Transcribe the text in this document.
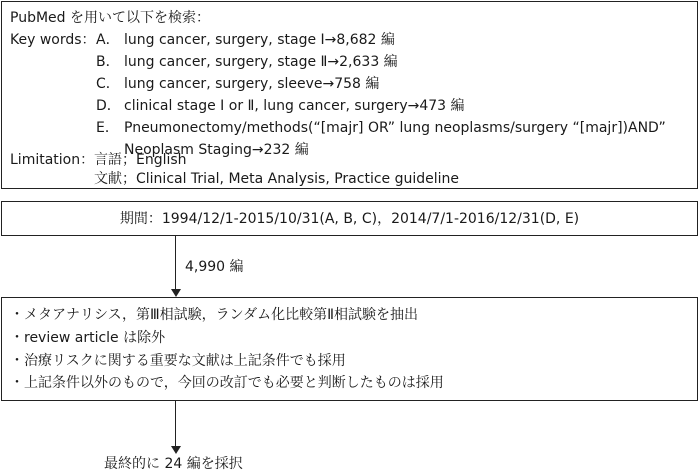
PubMed を用いて以下を検索：
Key words： A． lung cancer, surgery, stage Ⅰ→8,682 編
B． lung cancer, surgery, stage Ⅱ→2,633 編
C． lung cancer, surgery, sleeve→758 編
D． clinical stage Ⅰ or Ⅱ, lung cancer, surgery→473 編
E． Pneumonectomy/methods(“[majr] OR” lung neoplasms/surgery “[majr])AND”
Neoplasm Staging→232 編
Limitation： 言語；English
文献；Clinical Trial, Meta Analysis, Practice guideline
期間：1994/12/1-2015/10/31(A, B, C)，2014/7/1-2016/12/31(D, E)
4,990 編
・メタアナリシス，第Ⅲ相試験，ランダム化比較第Ⅱ相試験を抽出
・review article は除外
・治療リスクに関する重要な文献は上記条件でも採用
・上記条件以外のもので，今回の改訂でも必要と判断したものは採用
最終的に 24 編を採択
